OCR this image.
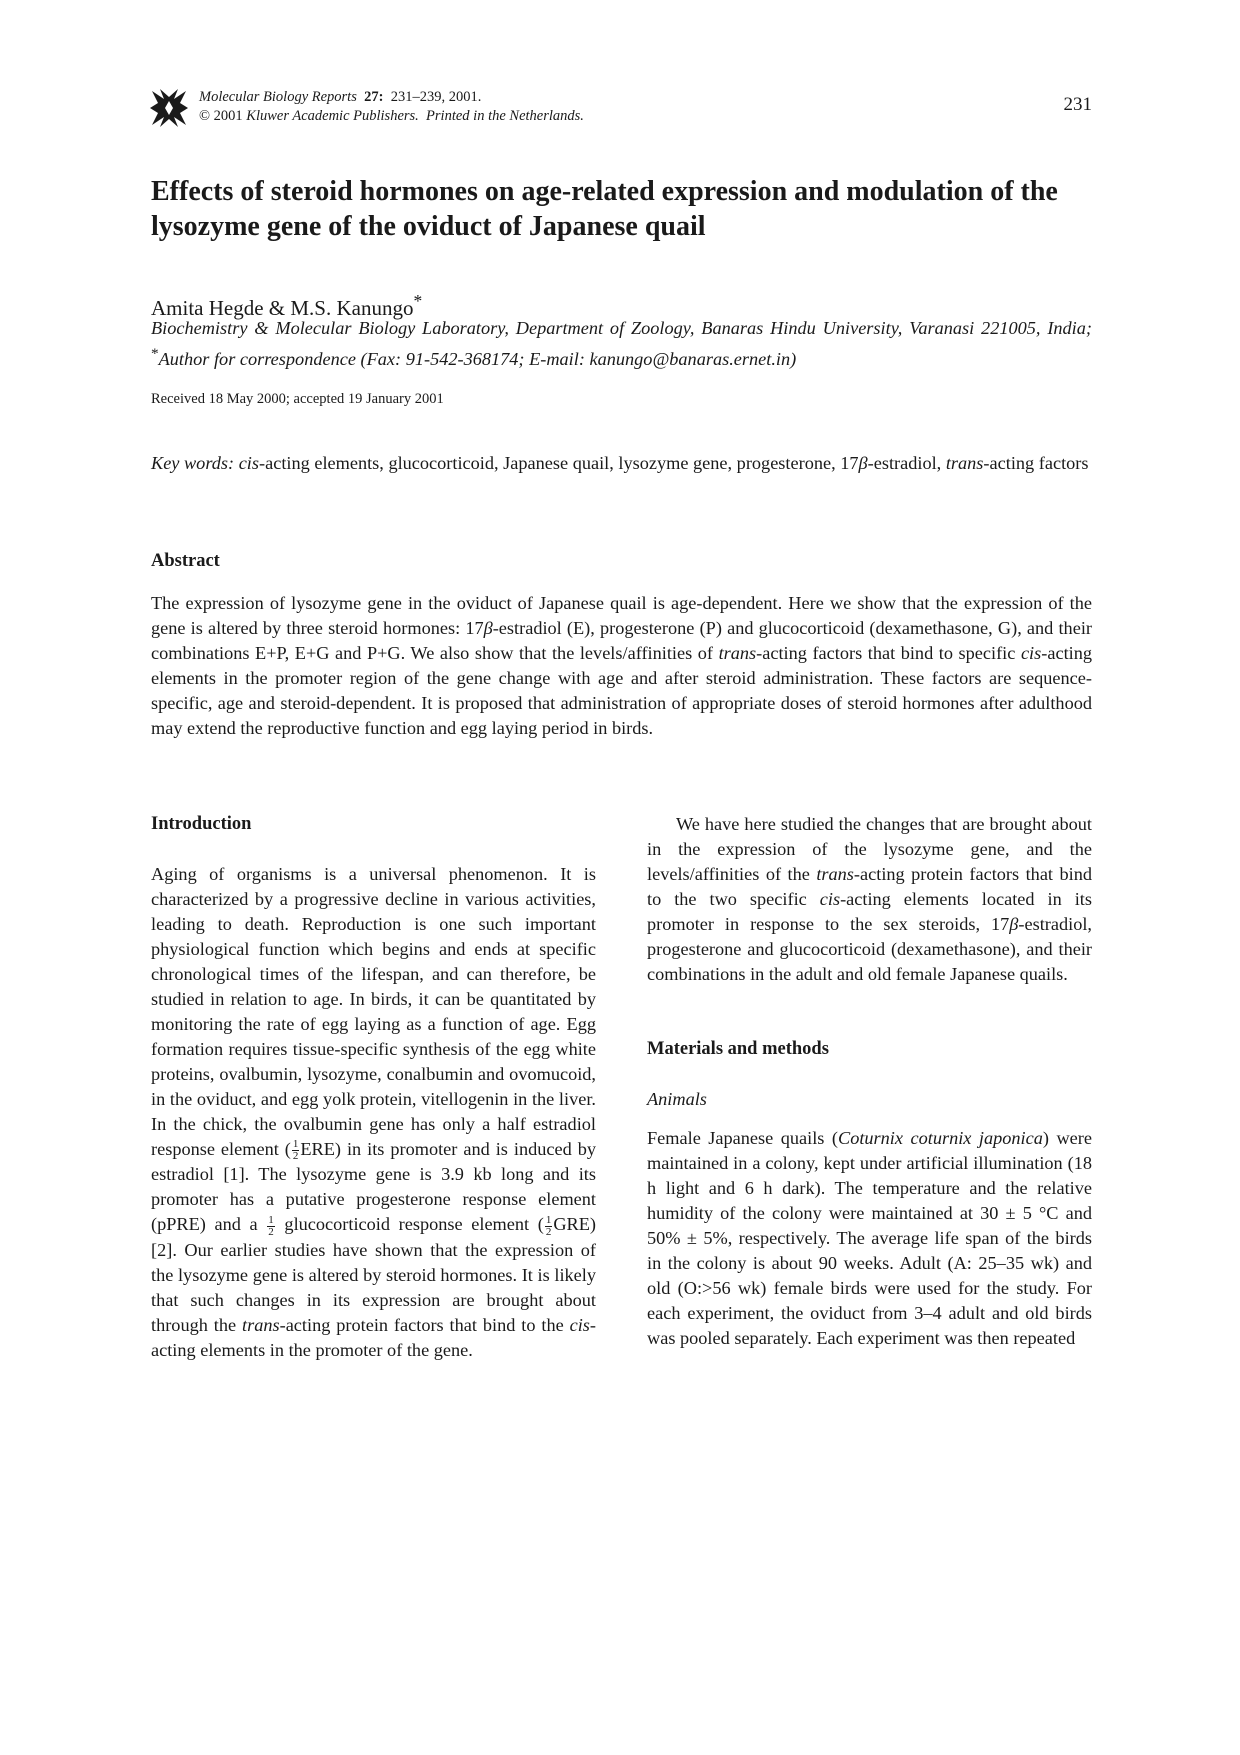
Molecular Biology Reports 27: 231–239, 2001.
© 2001 Kluwer Academic Publishers. Printed in the Netherlands.
231
Effects of steroid hormones on age-related expression and modulation of the lysozyme gene of the oviduct of Japanese quail
Amita Hegde & M.S. Kanungo*

Biochemistry & Molecular Biology Laboratory, Department of Zoology, Banaras Hindu University, Varanasi 221005, India; *Author for correspondence (Fax: 91-542-368174; E-mail: kanungo@banaras.ernet.in)

Received 18 May 2000; accepted 19 January 2001

Key words: cis-acting elements, glucocorticoid, Japanese quail, lysozyme gene, progesterone, 17β-estradiol, trans-acting factors

Abstract

The expression of lysozyme gene in the oviduct of Japanese quail is age-dependent. Here we show that the expression of the gene is altered by three steroid hormones: 17β-estradiol (E), progesterone (P) and glucocorticoid (dexamethasone, G), and their combinations E+P, E+G and P+G. We also show that the levels/affinities of trans-acting factors that bind to specific cis-acting elements in the promoter region of the gene change with age and after steroid administration. These factors are sequence-specific, age and steroid-dependent. It is proposed that administration of appropriate doses of steroid hormones after adulthood may extend the reproductive function and egg laying period in birds.

Introduction

Aging of organisms is a universal phenomenon. It is characterized by a progressive decline in various activities, leading to death. Reproduction is one such important physiological function which begins and ends at specific chronological times of the lifespan, and can therefore, be studied in relation to age. In birds, it can be quantitated by monitoring the rate of egg laying as a function of age. Egg formation requires tissue-specific synthesis of the egg white proteins, ovalbumin, lysozyme, conalbumin and ovomucoid, in the oviduct, and egg yolk protein, vitellogenin in the liver. In the chick, the ovalbumin gene has only a half estradiol response element ( $\frac{1}{2} ERE$) in its promoter and is induced by estradiol [1]. The lysozyme gene is 3.9 kb long and its promoter has a putative progesterone response element (pPRE) and a $\frac{1}{2}$ glucocorticoid response element ( $\frac{1}{2} GRE$) [2]. Our earlier studies have shown that the expression of the lysozyme gene is altered by steroid hormones. It is likely that such changes in its expression are brought about through the trans-acting protein factors that bind to the cis-acting elements in the promoter of the gene.

We have here studied the changes that are brought about in the expression of the lysozyme gene, and the levels/affinities of the trans-acting protein factors that bind to the two specific cis-acting elements located in its promoter in response to the sex steroids, 17β-estradiol, progesterone and glucocorticoid (dexamethasone), and their combinations in the adult and old female Japanese quails.

Materials and methods
Animals

Female Japanese quails (Coturnix coturnix japonica) were maintained in a colony, kept under artificial illumination (18 h light and 6 h dark). The temperature and the relative humidity of the colony were maintained at 30 ± 5 °C and 50% ± 5%, respectively. The average life span of the birds in the colony is about 90 weeks. Adult (A: 25–35 wk) and old (O:>56 wk) female birds were used for the study. For each experiment, the oviduct from 3–4 adult and old birds was pooled separately. Each experiment was then repeated
